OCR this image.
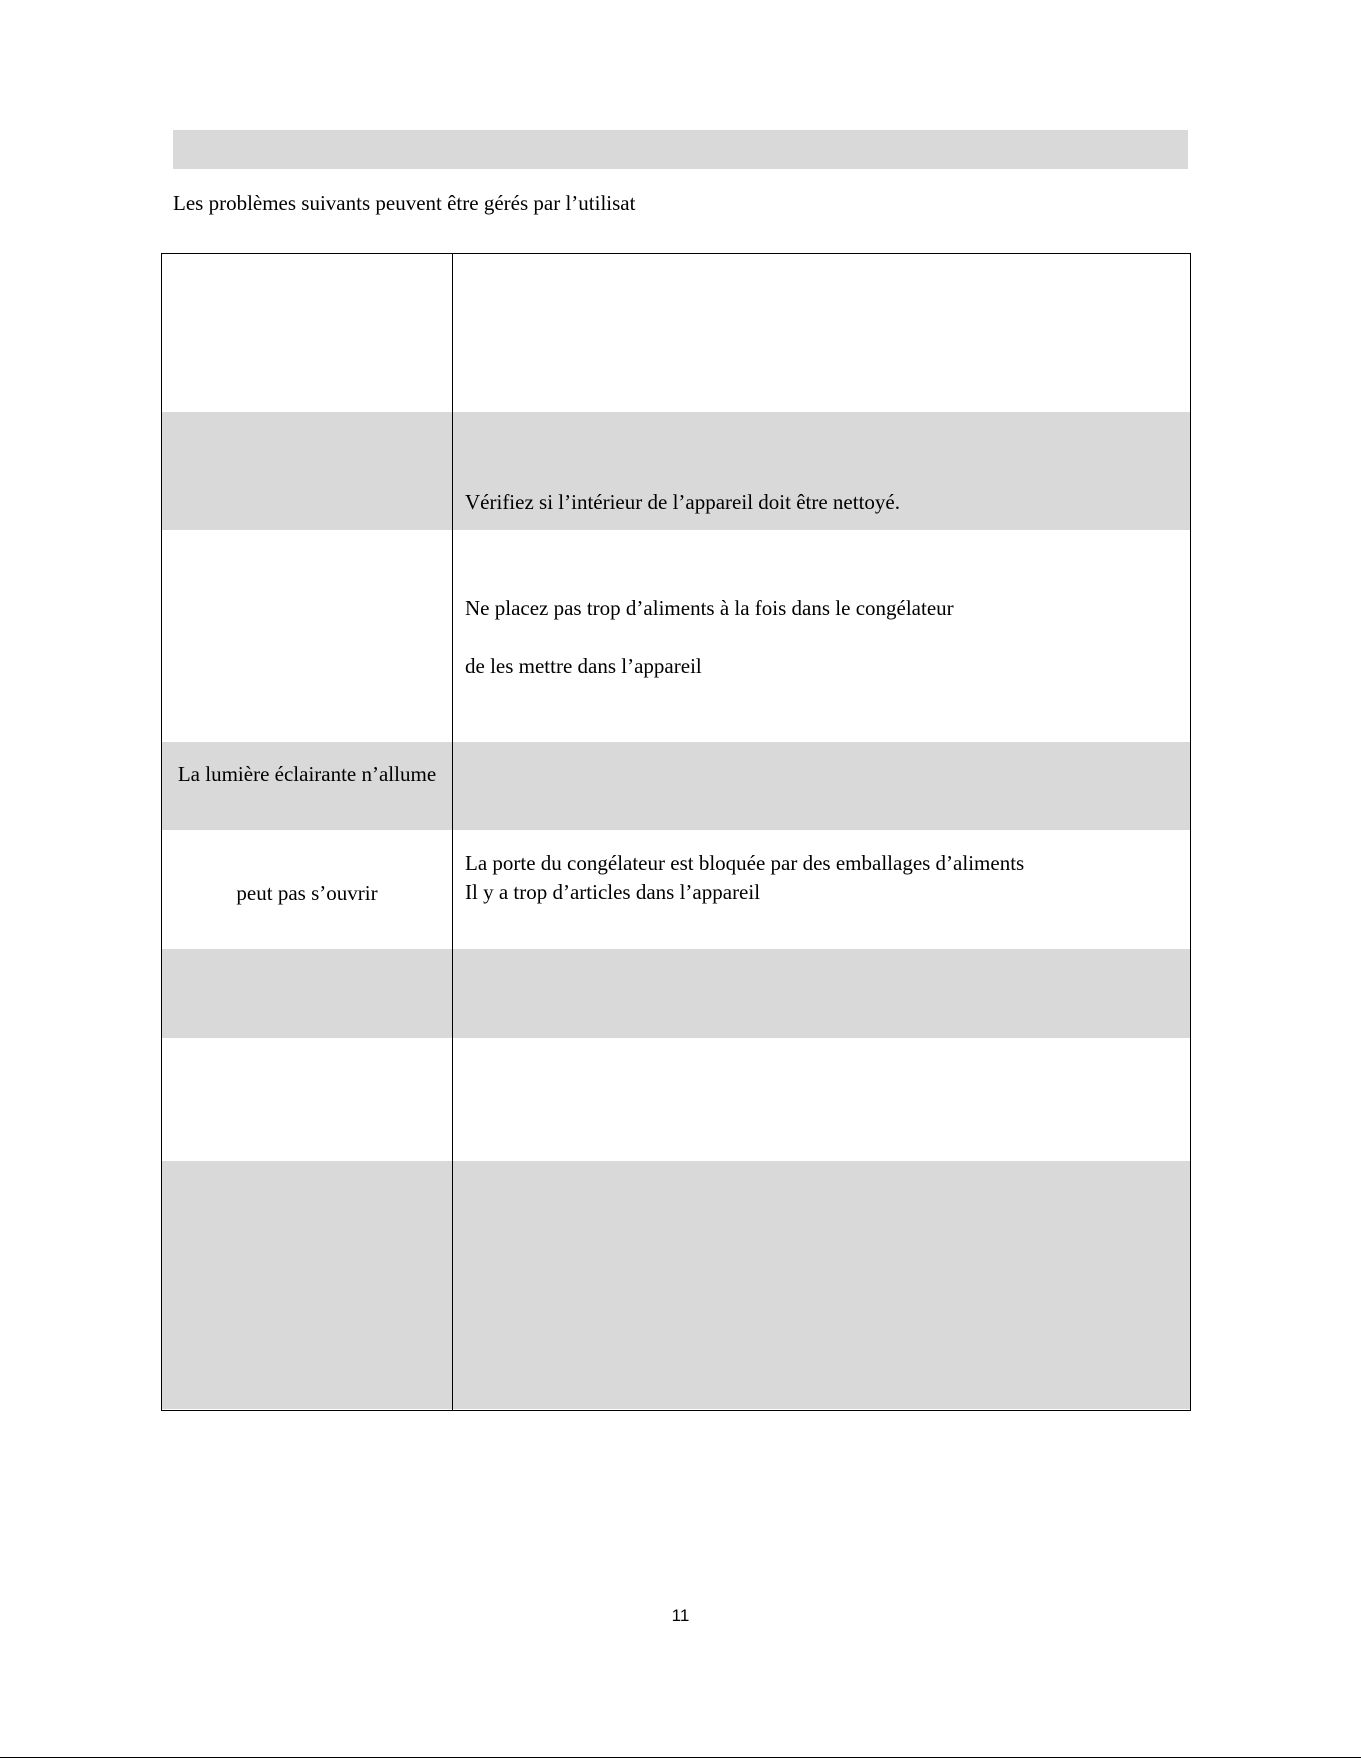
Les problèmes suivants peuvent être gérés par l’utilisat
Vérifiez si l’intérieur de l’appareil doit être nettoyé.
Ne placez pas trop d’aliments à la fois dans le congélateur
de les mettre dans l’appareil
La lumière éclairante n’allume
peut pas s’ouvrir
La porte du congélateur est bloquée par des emballages d’aliments
Il y a trop d’articles dans l’appareil
11
